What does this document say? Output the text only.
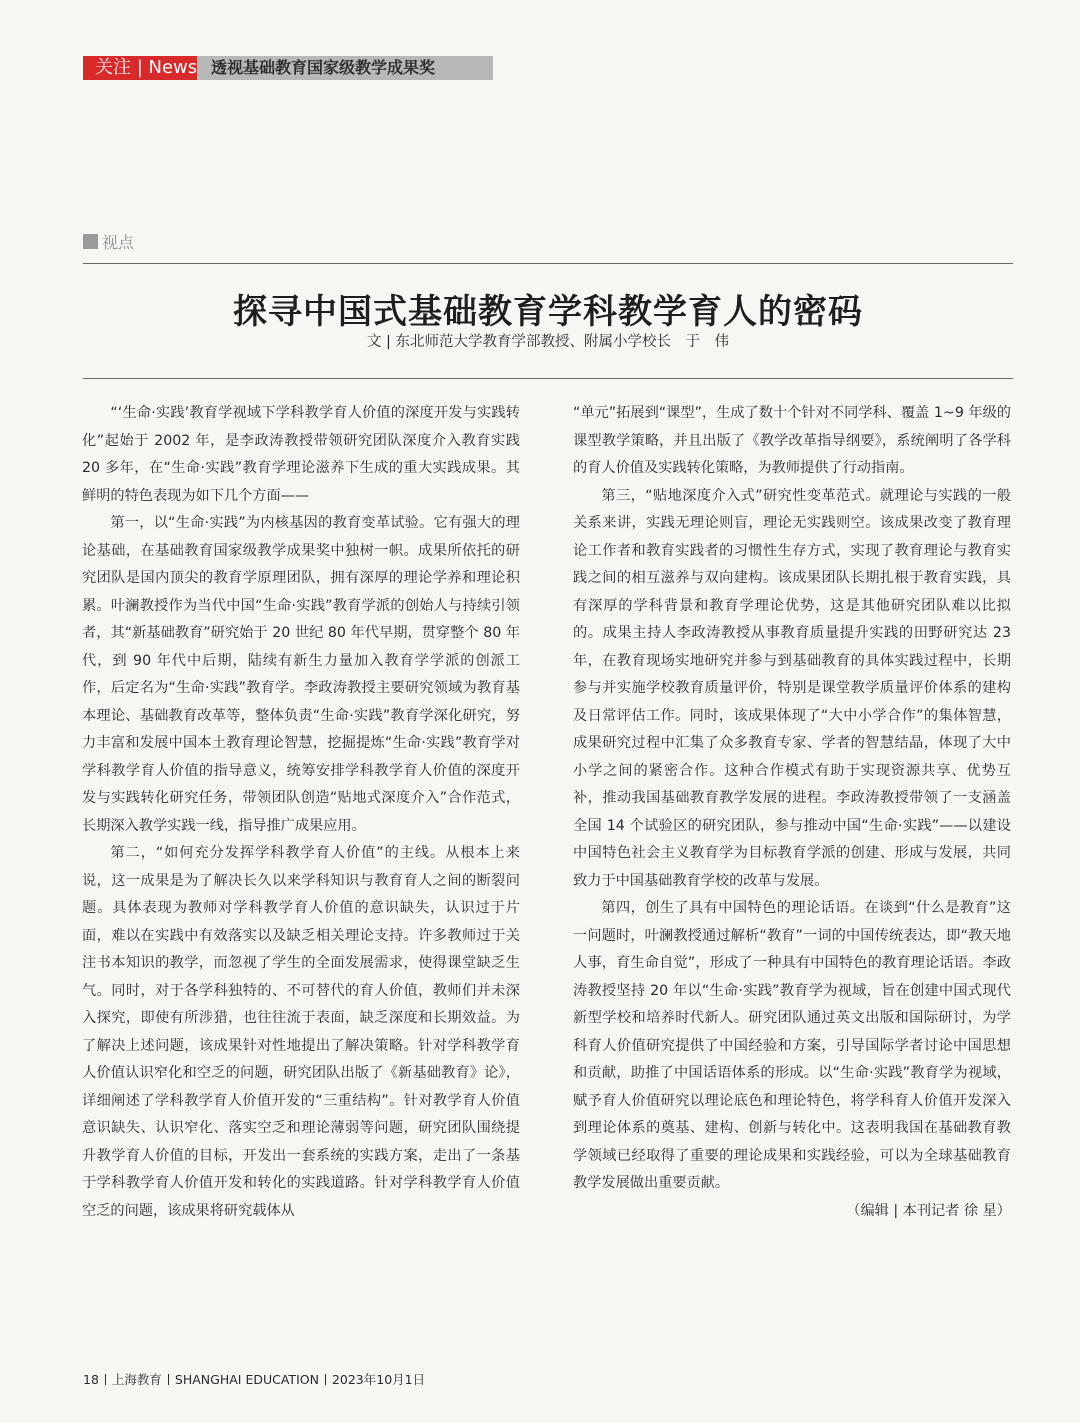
关注 | News 透视基础教育国家级教学成果奖
视点
探寻中国式基础教育学科教学育人的密码
文 | 东北师范大学教育学部教授、附属小学校长　于　伟

“‘生命·实践’教育学视域下学科教学育人价值的深度开发与实践转化”起始于 2002 年，是李政涛教授带领研究团队深度介入教育实践 20 多年，在“生命·实践”教育学理论滋养下生成的重大实践成果。其鲜明的特色表现为如下几个方面——

第一，以“生命·实践”为内核基因的教育变革试验。它有强大的理论基础，在基础教育国家级教学成果奖中独树一帜。成果所依托的研究团队是国内顶尖的教育学原理团队，拥有深厚的理论学养和理论积累。叶澜教授作为当代中国“生命·实践”教育学派的创始人与持续引领者，其“新基础教育”研究始于 20 世纪 80 年代早期，贯穿整个 80 年代，到 90 年代中后期，陆续有新生力量加入教育学学派的创派工作，后定名为“生命·实践”教育学。李政涛教授主要研究领域为教育基本理论、基础教育改革等，整体负责“生命·实践”教育学深化研究，努力丰富和发展中国本土教育理论智慧，挖掘提炼“生命·实践”教育学对学科教学育人价值的指导意义，统筹安排学科教学育人价值的深度开发与实践转化研究任务，带领团队创造“贴地式深度介入”合作范式，长期深入教学实践一线，指导推广成果应用。

第二，“如何充分发挥学科教学育人价值”的主线。从根本上来说，这一成果是为了解决长久以来学科知识与教育育人之间的断裂问题。具体表现为教师对学科教学育人价值的意识缺失，认识过于片面，难以在实践中有效落实以及缺乏相关理论支持。许多教师过于关注书本知识的教学，而忽视了学生的全面发展需求，使得课堂缺乏生气。同时，对于各学科独特的、不可替代的育人价值，教师们并未深入探究，即使有所涉猎，也往往流于表面，缺乏深度和长期效益。为了解决上述问题，该成果针对性地提出了解决策略。针对学科教学育人价值认识窄化和空乏的问题，研究团队出版了《新基础教育》论》，详细阐述了学科教学育人价值开发的“三重结构”。针对教学育人价值意识缺失、认识窄化、落实空乏和理论薄弱等问题，研究团队围绕提升教学育人价值的目标，开发出一套系统的实践方案，走出了一条基于学科教学育人价值开发和转化的实践道路。针对学科教学育人价值空乏的问题，该成果将研究载体从

“单元”拓展到“课型”，生成了数十个针对不同学科、覆盖 1~9 年级的课型教学策略，并且出版了《教学改革指导纲要》，系统阐明了各学科的育人价值及实践转化策略，为教师提供了行动指南。

第三，“贴地深度介入式”研究性变革范式。就理论与实践的一般关系来讲，实践无理论则盲，理论无实践则空。该成果改变了教育理论工作者和教育实践者的习惯性生存方式，实现了教育理论与教育实践之间的相互滋养与双向建构。该成果团队长期扎根于教育实践，具有深厚的学科背景和教育学理论优势，这是其他研究团队难以比拟的。成果主持人李政涛教授从事教育质量提升实践的田野研究达 23 年，在教育现场实地研究并参与到基础教育的具体实践过程中，长期参与并实施学校教育质量评价，特别是课堂教学质量评价体系的建构及日常评估工作。同时，该成果体现了“大中小学合作”的集体智慧，成果研究过程中汇集了众多教育专家、学者的智慧结晶，体现了大中小学之间的紧密合作。这种合作模式有助于实现资源共享、优势互补，推动我国基础教育教学发展的进程。李政涛教授带领了一支涵盖全国 14 个试验区的研究团队，参与推动中国“生命·实践”——以建设中国特色社会主义教育学为目标教育学派的创建、形成与发展，共同致力于中国基础教育学校的改革与发展。

第四，创生了具有中国特色的理论话语。在谈到“什么是教育”这一问题时，叶澜教授通过解析“教育”一词的中国传统表达，即“教天地人事，育生命自觉”，形成了一种具有中国特色的教育理论话语。李政涛教授坚持 20 年以“生命·实践”教育学为视域，旨在创建中国式现代新型学校和培养时代新人。研究团队通过英文出版和国际研讨，为学科育人价值研究提供了中国经验和方案，引导国际学者讨论中国思想和贡献，助推了中国话语体系的形成。以“生命·实践”教育学为视域，赋予育人价值研究以理论底色和理论特色，将学科育人价值开发深入到理论体系的奠基、建构、创新与转化中。这表明我国在基础教育教学领域已经取得了重要的理论成果和实践经验，可以为全球基础教育教学发展做出重要贡献。

（编辑 | 本刊记者 徐 星）

18 上海教育 SHANGHAI EDUCATION 2023年10月1日
